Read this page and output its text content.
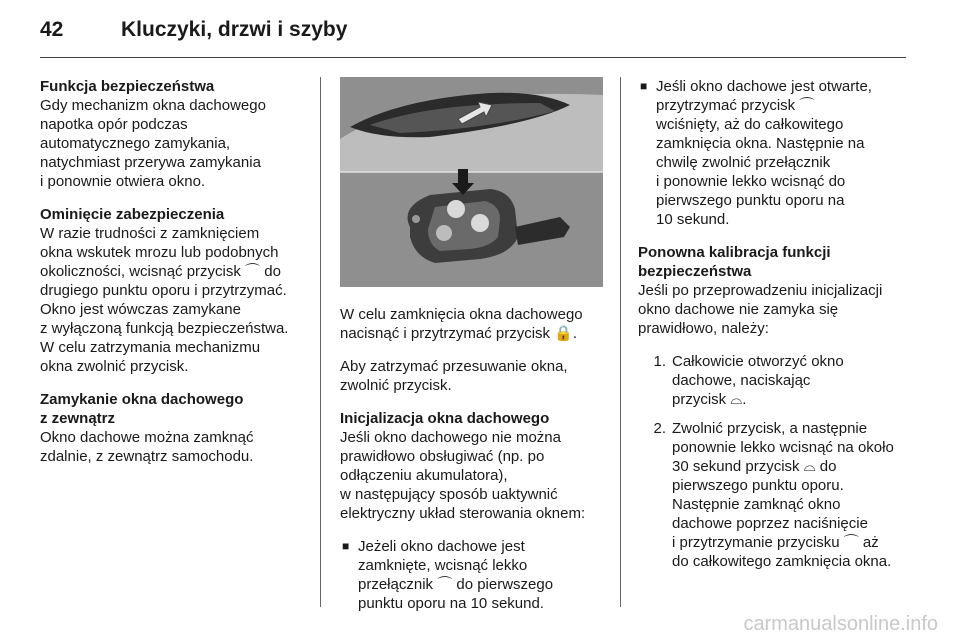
42	Kluczyki, drzwi i szyby
Funkcja bezpieczeństwa

Gdy mechanizm okna dachowego
napotka opór podczas
automatycznego zamykania,
natychmiast przerywa zamykania
i ponownie otwiera okno.

Ominięcie zabezpieczenia

W razie trudności z zamknięciem
okna wskutek mrozu lub podobnych
okoliczności, wcisnąć przycisk ⌒ do
drugiego punktu oporu i przytrzymać.
Okno jest wówczas zamykane
z wyłączoną funkcją bezpieczeństwa.
W celu zatrzymania mechanizmu
okna zwolnić przycisk.

Zamykanie okna dachowego
z zewnątrz

Okno dachowe można zamknąć
zdalnie, z zewnątrz samochodu.

W celu zamknięcia okna dachowego
nacisnąć i przytrzymać przycisk 🔒.

Aby zatrzymać przesuwanie okna,
zwolnić przycisk.

Inicjalizacja okna dachowego

Jeśli okno dachowego nie można
prawidłowo obsługiwać (np. po
odłączeniu akumulatora),
w następujący sposób uaktywnić
elektryczny układ sterowania oknem:

■ Jeżeli okno dachowe jest
zamknięte, wcisnąć lekko
przełącznik ⌒ do pierwszego
punktu oporu na 10 sekund.
■ Jeśli okno dachowe jest otwarte,
przytrzymać przycisk ⌒
wciśnięty, aż do całkowitego
zamknięcia okna. Następnie na
chwilę zwolnić przełącznik
i ponownie lekko wcisnąć do
pierwszego punktu oporu na
10 sekund.
Ponowna kalibracja funkcji
bezpieczeństwa

Jeśli po przeprowadzeniu inicjalizacji
okno dachowe nie zamyka się
prawidłowo, należy:

1. Całkowicie otworzyć okno
dachowe, naciskając
przycisk ⌓.
2. Zwolnić przycisk, a następnie
ponownie lekko wcisnąć na około
30 sekund przycisk ⌓ do
pierwszego punktu oporu.
Następnie zamknąć okno
dachowe poprzez naciśnięcie
i przytrzymanie przycisku ⌒ aż
do całkowitego zamknięcia okna.
carmanualsonline.info
